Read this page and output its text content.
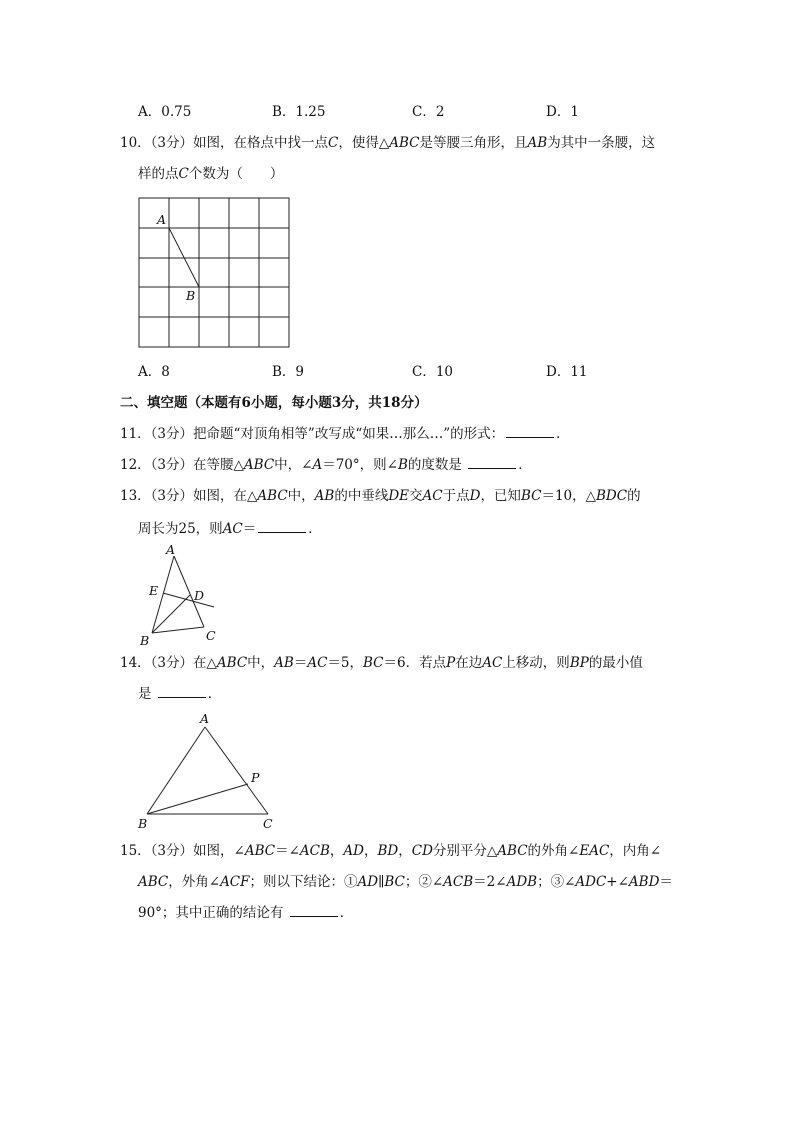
A．0.75	B．1.25	C．2	D．1
10．（3分）如图，在格点中找一点C，使得△ABC是等腰三角形，且AB为其中一条腰，这
样的点C个数为（　　）
A
B
A．8	B．9	C．10	D．11
二、填空题（本题有6小题，每小题3分，共18分）
11．（3分）把命题“对顶角相等”改写成“如果…那么…”的形式：	．
12．（3分）在等腰△ABC中，∠A＝70°，则∠B的度数是	．
13．（3分）如图，在△ABC中，AB的中垂线DE交AC于点D，已知BC＝10，△BDC的
周长为25，则AC＝	．
A
B	C
D
E
14．（3分）在△ABC中，AB＝AC＝5，BC＝6．若点P在边AC上移动，则BP的最小值
是	．
A
B	C
P
15．（3分）如图，∠ABC＝∠ACB，AD，BD，CD分别平分△ABC的外角∠EAC，内角∠
ABC，外角∠ACF；则以下结论：①AD∥BC；②∠ACB＝2∠ADB；③∠ADC+∠ABD＝
90°；其中正确的结论有	．
